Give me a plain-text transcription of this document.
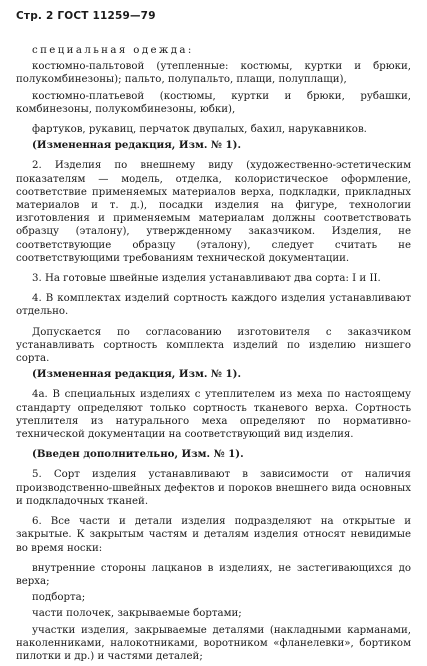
Стр. 2 ГОСТ 11259—79
специальная одежда:
костюмно-пальтовой (утепленные: костюмы, куртки и брюки, полукомбинезоны); пальто, полупальто, плащи, полуплащи),
костюмно-платьевой (костюмы, куртки и брюки, рубашки, комбинезоны, полукомбинезоны, юбки),
фартуков, рукавиц, перчаток двупалых, бахил, нарукавников.
(Измененная редакция, Изм. № 1).
2. Изделия по внешнему виду (художественно-эстетическим показателям — модель, отделка, колористическое оформление, соответствие применяемых материалов верха, подкладки, прикладных материалов и т. д.), посадки изделия на фигуре, технологии изготовления и применяемым материалам должны соответствовать образцу (эталону), утвержденному заказчиком. Изделия, не соответствующие образцу (эталону), следует считать не соответствующими требованиям технической документации.
3. На готовые швейные изделия устанавливают два сорта: I и II.
4. В комплектах изделий сортность каждого изделия устанавливают отдельно.
Допускается по согласованию изготовителя с заказчиком устанавливать сортность комплекта изделий по изделию низшего сорта.
(Измененная редакция, Изм. № 1).
4а. В специальных изделиях с утеплителем из меха по настоящему стандарту определяют только сортность тканевого верха. Сортность утеплителя из натурального меха определяют по нормативно-технической документации на соответствующий вид изделия.
(Введен дополнительно, Изм. № 1).
5. Сорт изделия устанавливают в зависимости от наличия производственно-швейных дефектов и пороков внешнего вида основных и подкладочных тканей.
6. Все части и детали изделия подразделяют на открытые и закрытые. К закрытым частям и деталям изделия относят невидимые во время носки:
внутренние стороны лацканов в изделиях, не застегивающихся до верха;
подборта;
части полочек, закрываемые бортами;
участки изделия, закрываемые деталями (накладными карманами, наколенниками, налокотниками, воротником «фланелевки», бортиком пилотки и др.) и частями деталей;
